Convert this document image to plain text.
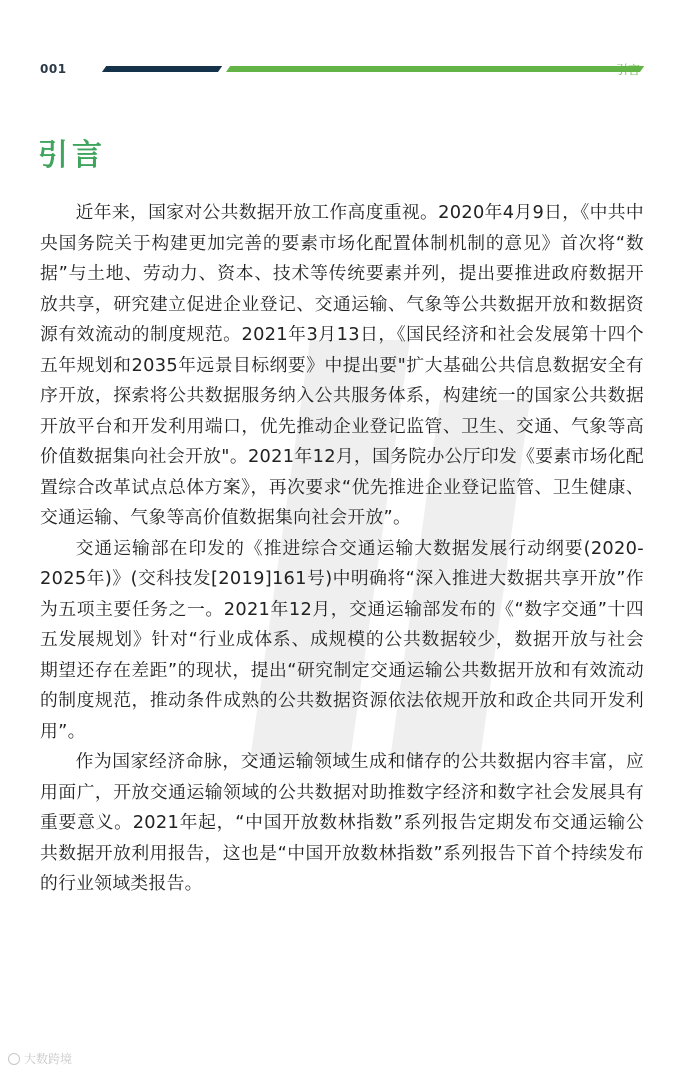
001	引言
引言

近年来，国家对公共数据开放工作高度重视。2020年4月9日，《中共中央国务院关于构建更加完善的要素市场化配置体制机制的意见》首次将“数据”与土地、劳动力、资本、技术等传统要素并列，提出要推进政府数据开放共享，研究建立促进企业登记、交通运输、气象等公共数据开放和数据资源有效流动的制度规范。2021年3月13日，《国民经济和社会发展第十四个五年规划和2035年远景目标纲要》中提出要"扩大基础公共信息数据安全有序开放，探索将公共数据服务纳入公共服务体系，构建统一的国家公共数据开放平台和开发利用端口，优先推动企业登记监管、卫生、交通、气象等高价值数据集向社会开放"。2021年12月，国务院办公厅印发《要素市场化配置综合改革试点总体方案》，再次要求“优先推进企业登记监管、卫生健康、交通运输、气象等高价值数据集向社会开放”。

交通运输部在印发的《推进综合交通运输大数据发展行动纲要(2020-2025年)》(交科技发[2019]161号)中明确将“深入推进大数据共享开放”作为五项主要任务之一。2021年12月，交通运输部发布的《“数字交通”十四五发展规划》针对“行业成体系、成规模的公共数据较少，数据开放与社会期望还存在差距”的现状，提出“研究制定交通运输公共数据开放和有效流动的制度规范，推动条件成熟的公共数据资源依法依规开放和政企共同开发利用”。

作为国家经济命脉，交通运输领域生成和储存的公共数据内容丰富，应用面广，开放交通运输领域的公共数据对助推数字经济和数字社会发展具有重要意义。2021年起，“中国开放数林指数”系列报告定期发布交通运输公共数据开放利用报告，这也是“中国开放数林指数”系列报告下首个持续发布的行业领域类报告。

大数跨境
